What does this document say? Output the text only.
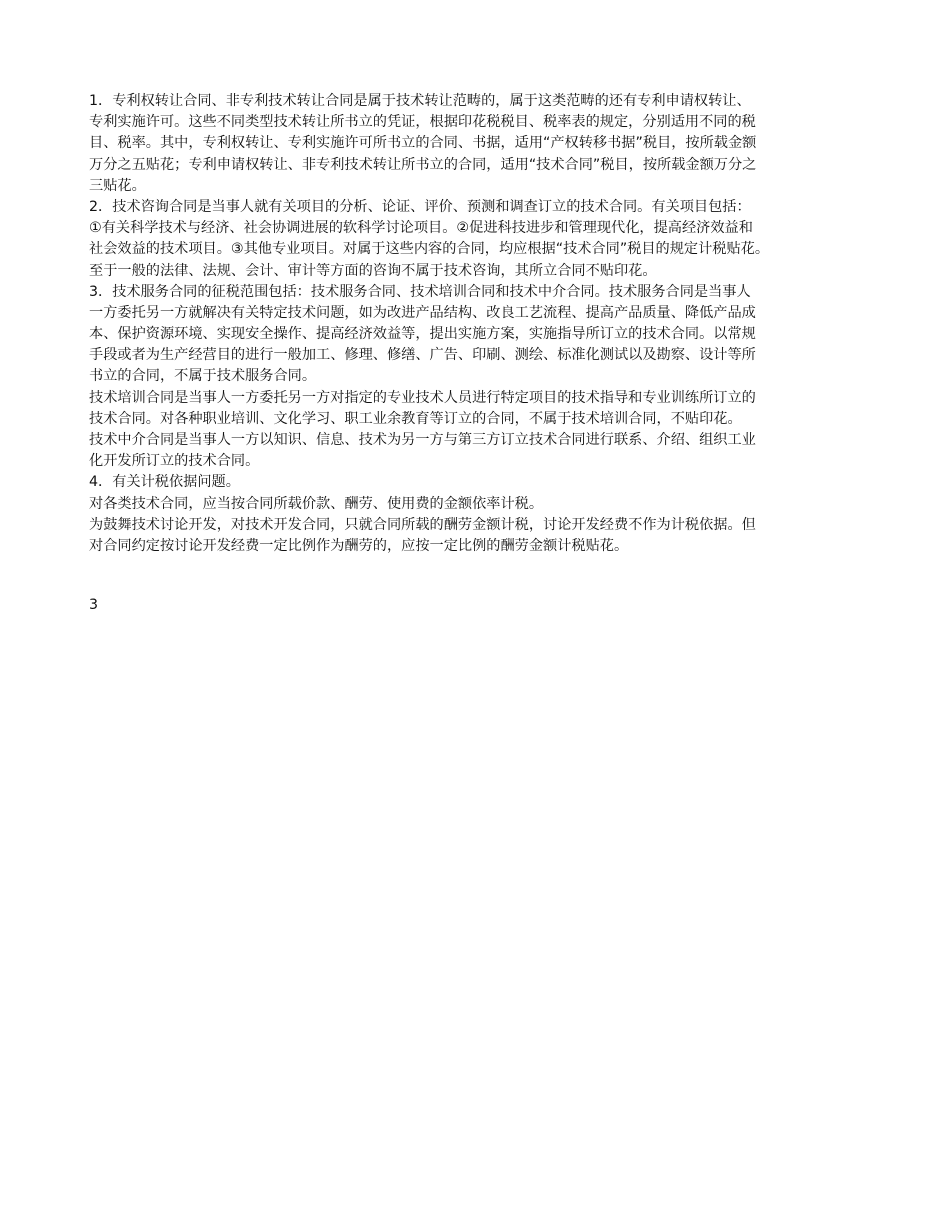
1．专利权转让合同、非专利技术转让合同是属于技术转让范畴的，属于这类范畴的还有专利申请权转让、
专利实施许可。这些不同类型技术转让所书立的凭证，根据印花税税目、税率表的规定，分别适用不同的税
目、税率。其中，专利权转让、专利实施许可所书立的合同、书据，适用“产权转移书据”税目，按所载金额
万分之五贴花；专利申请权转让、非专利技术转让所书立的合同，适用“技术合同”税目，按所载金额万分之
三贴花。
2．技术咨询合同是当事人就有关项目的分析、论证、评价、预测和调查订立的技术合同。有关项目包括：
①有关科学技术与经济、社会协调进展的软科学讨论项目。②促进科技进步和管理现代化，提高经济效益和
社会效益的技术项目。③其他专业项目。对属于这些内容的合同，均应根据“技术合同”税目的规定计税贴花。
至于一般的法律、法规、会计、审计等方面的咨询不属于技术咨询，其所立合同不贴印花。
3．技术服务合同的征税范围包括：技术服务合同、技术培训合同和技术中介合同。技术服务合同是当事人
一方委托另一方就解决有关特定技术问题，如为改进产品结构、改良工艺流程、提高产品质量、降低产品成
本、保护资源环境、实现安全操作、提高经济效益等，提出实施方案，实施指导所订立的技术合同。以常规
手段或者为生产经营目的进行一般加工、修理、修缮、广告、印刷、测绘、标准化测试以及勘察、设计等所
书立的合同，不属于技术服务合同。
技术培训合同是当事人一方委托另一方对指定的专业技术人员进行特定项目的技术指导和专业训练所订立的
技术合同。对各种职业培训、文化学习、职工业余教育等订立的合同，不属于技术培训合同，不贴印花。
技术中介合同是当事人一方以知识、信息、技术为另一方与第三方订立技术合同进行联系、介绍、组织工业
化开发所订立的技术合同。
4．有关计税依据问题。
对各类技术合同，应当按合同所载价款、酬劳、使用费的金额依率计税。
为鼓舞技术讨论开发，对技术开发合同，只就合同所载的酬劳金额计税，讨论开发经费不作为计税依据。但
对合同约定按讨论开发经费一定比例作为酬劳的，应按一定比例的酬劳金额计税贴花。
3
